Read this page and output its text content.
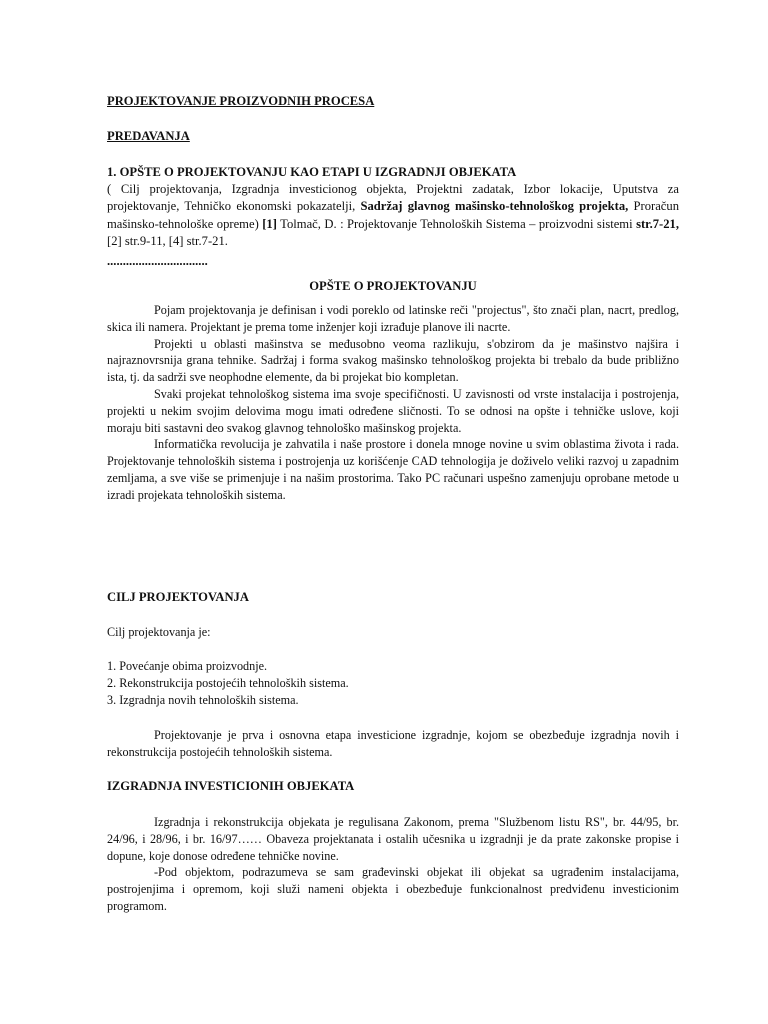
PROJEKTOVANJE PROIZVODNIH PROCESA
PREDAVANJA
1. OPŠTE O PROJEKTOVANJU KAO ETAPI U IZGRADNJI OBJEKATA
( Cilj projektovanja, Izgradnja investicionog objekta, Projektni zadatak, Izbor lokacije, Uputstva za projektovanje, Tehničko ekonomski pokazatelji, Sadržaj glavnog mašinsko-tehnološkog projekta, Proračun mašinsko-tehnološke opreme) [1] Tolmač, D. : Projektovanje Tehnoloških Sistema – proizvodni sistemi str.7-21, [2] str.9-11, [4] str.7-21.
................................
OPŠTE O PROJEKTOVANJU

Pojam projektovanja je definisan i vodi poreklo od latinske reči "projectus", što znači plan, nacrt, predlog, skica ili namera. Projektant je prema tome inženjer koji izrađuje planove ili nacrte.

Projekti u oblasti mašinstva se međusobno veoma razlikuju, s'obzirom da je mašinstvo najšira i najraznovrsnija grana tehnike. Sadržaj i forma svakog mašinsko tehnološkog projekta bi trebalo da bude približno ista, tj. da sadrži sve neophodne elemente, da bi projekat bio kompletan.

Svaki projekat tehnološkog sistema ima svoje specifičnosti. U zavisnosti od vrste instalacija i postrojenja, projekti u nekim svojim delovima mogu imati određene sličnosti. To se odnosi na opšte i tehničke uslove, koji moraju biti sastavni deo svakog glavnog tehnološko mašinskog projekta.

Informatička revolucija je zahvatila i naše prostore i donela mnoge novine u svim oblastima života i rada. Projektovanje tehnoloških sistema i postrojenja uz korišćenje CAD tehnologija je doživelo veliki razvoj u zapadnim zemljama, a sve više se primenjuje i na našim prostorima. Tako PC računari uspešno zamenjuju oprobane metode u izradi projekata tehnoloških sistema.

CILJ PROJEKTOVANJA
Cilj projektovanja je:

1. Povećanje obima proizvodnje.

2. Rekonstrukcija postojećih tehnoloških sistema.

3. Izgradnja novih tehnoloških sistema.

Projektovanje je prva i osnovna etapa investicione izgradnje, kojom se obezbeđuje izgradnja novih i rekonstrukcija postojećih tehnoloških sistema.

IZGRADNJA INVESTICIONIH OBJEKATA

Izgradnja i rekonstrukcija objekata je regulisana Zakonom, prema "Službenom listu RS", br. 44/95, br. 24/96, i 28/96, i br. 16/97…… Obaveza projektanata i ostalih učesnika u izgradnji je da prate zakonske propise i dopune, koje donose određene tehničke novine.

-Pod objektom, podrazumeva se sam građevinski objekat ili objekat sa ugrađenim instalacijama, postrojenjima i opremom, koji služi nameni objekta i obezbeđuje funkcionalnost predviđenu investicionim programom.
